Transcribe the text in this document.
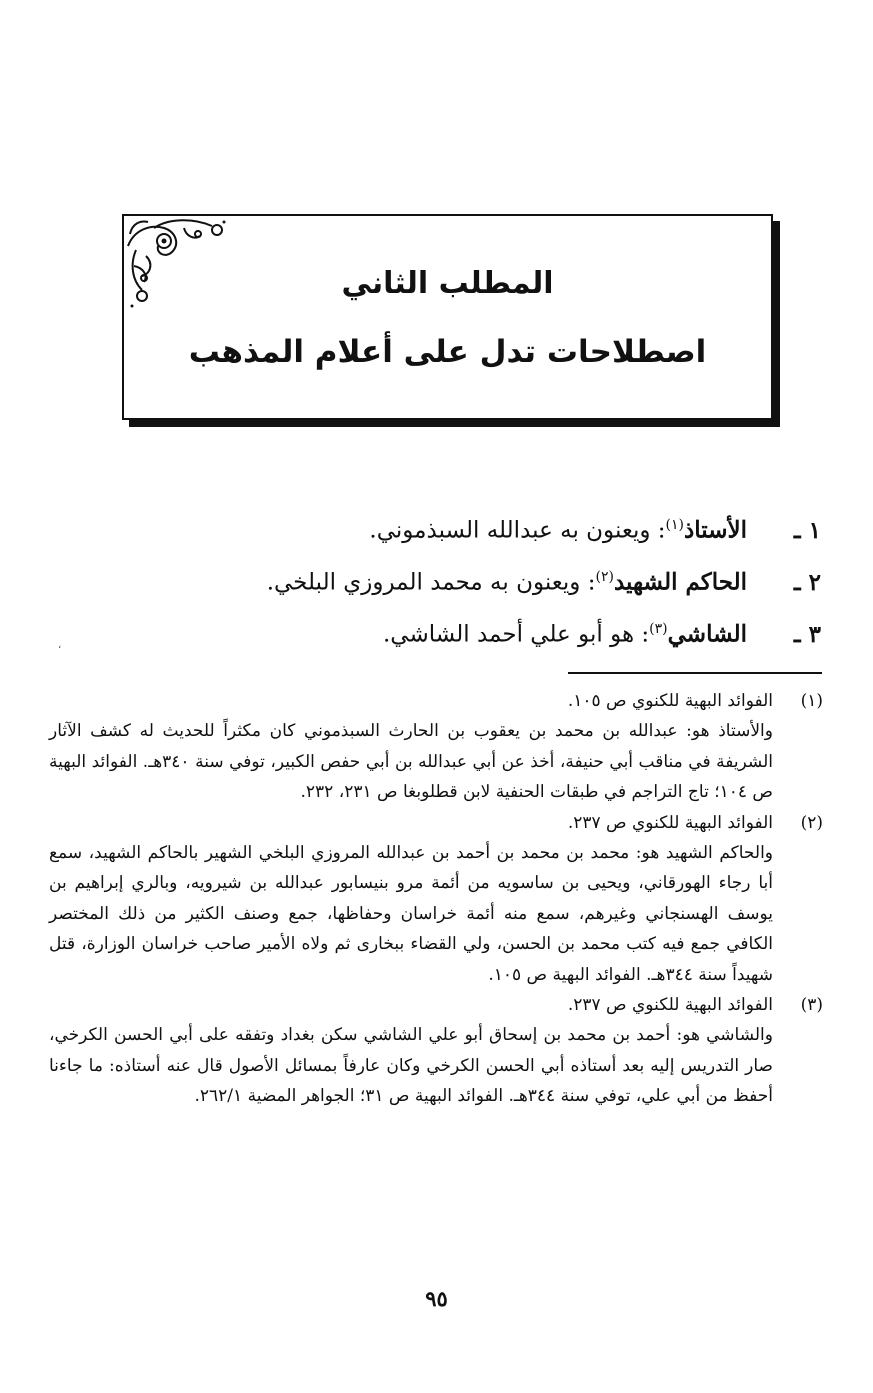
المطلب الثاني
اصطلاحات تدل على أعلام المذهب
١ ـالأستاذ$^{(١)}$: ويعنون به عبدالله السبذموني.
٢ ـالحاكم الشهيد$^{(٢)}$: ويعنون به محمد المروزي البلخي.
٣ ـالشاشي$^{(٣)}$: هو أبو علي أحمد الشاشي.
،
(١)الفوائد البهية للكنوي ص ١٠٥.
والأستاذ هو: عبدالله بن محمد بن يعقوب بن الحارث السبذموني كان مكثراً للحديث له كشف الآثار الشريفة في مناقب أبي حنيفة، أخذ عن أبي عبدالله بن أبي حفص الكبير، توفي سنة ٣٤٠هـ. الفوائد البهية ص ١٠٤؛ تاج التراجم في طبقات الحنفية لابن قطلوبغا ص ٢٣١، ٢٣٢.
(٢)الفوائد البهية للكنوي ص ٢٣٧.
والحاكم الشهيد هو: محمد بن محمد بن أحمد بن عبدالله المروزي البلخي الشهير بالحاكم الشهيد، سمع أبا رجاء الهورقاني، ويحيى بن ساسويه من أئمة مرو بنيسابور عبدالله بن شيرويه، وبالري إبراهيم بن يوسف الهسنجاني وغيرهم، سمع منه أئمة خراسان وحفاظها، جمع وصنف الكثير من ذلك المختصر الكافي جمع فيه كتب محمد بن الحسن، ولي القضاء ببخارى ثم ولاه الأمير صاحب خراسان الوزارة، قتل شهيداً سنة ٣٤٤هـ. الفوائد البهية ص ١٠٥.
(٣)الفوائد البهية للكنوي ص ٢٣٧.
والشاشي هو: أحمد بن محمد بن إسحاق أبو علي الشاشي سكن بغداد وتفقه على أبي الحسن الكرخي، صار التدريس إليه بعد أستاذه أبي الحسن الكرخي وكان عارفاً بمسائل الأصول قال عنه أستاذه: ما جاءنا أحفظ من أبي علي، توفي سنة ٣٤٤هـ. الفوائد البهية ص ٣١؛ الجواهر المضية ٢٦٢/١.
٩٥
